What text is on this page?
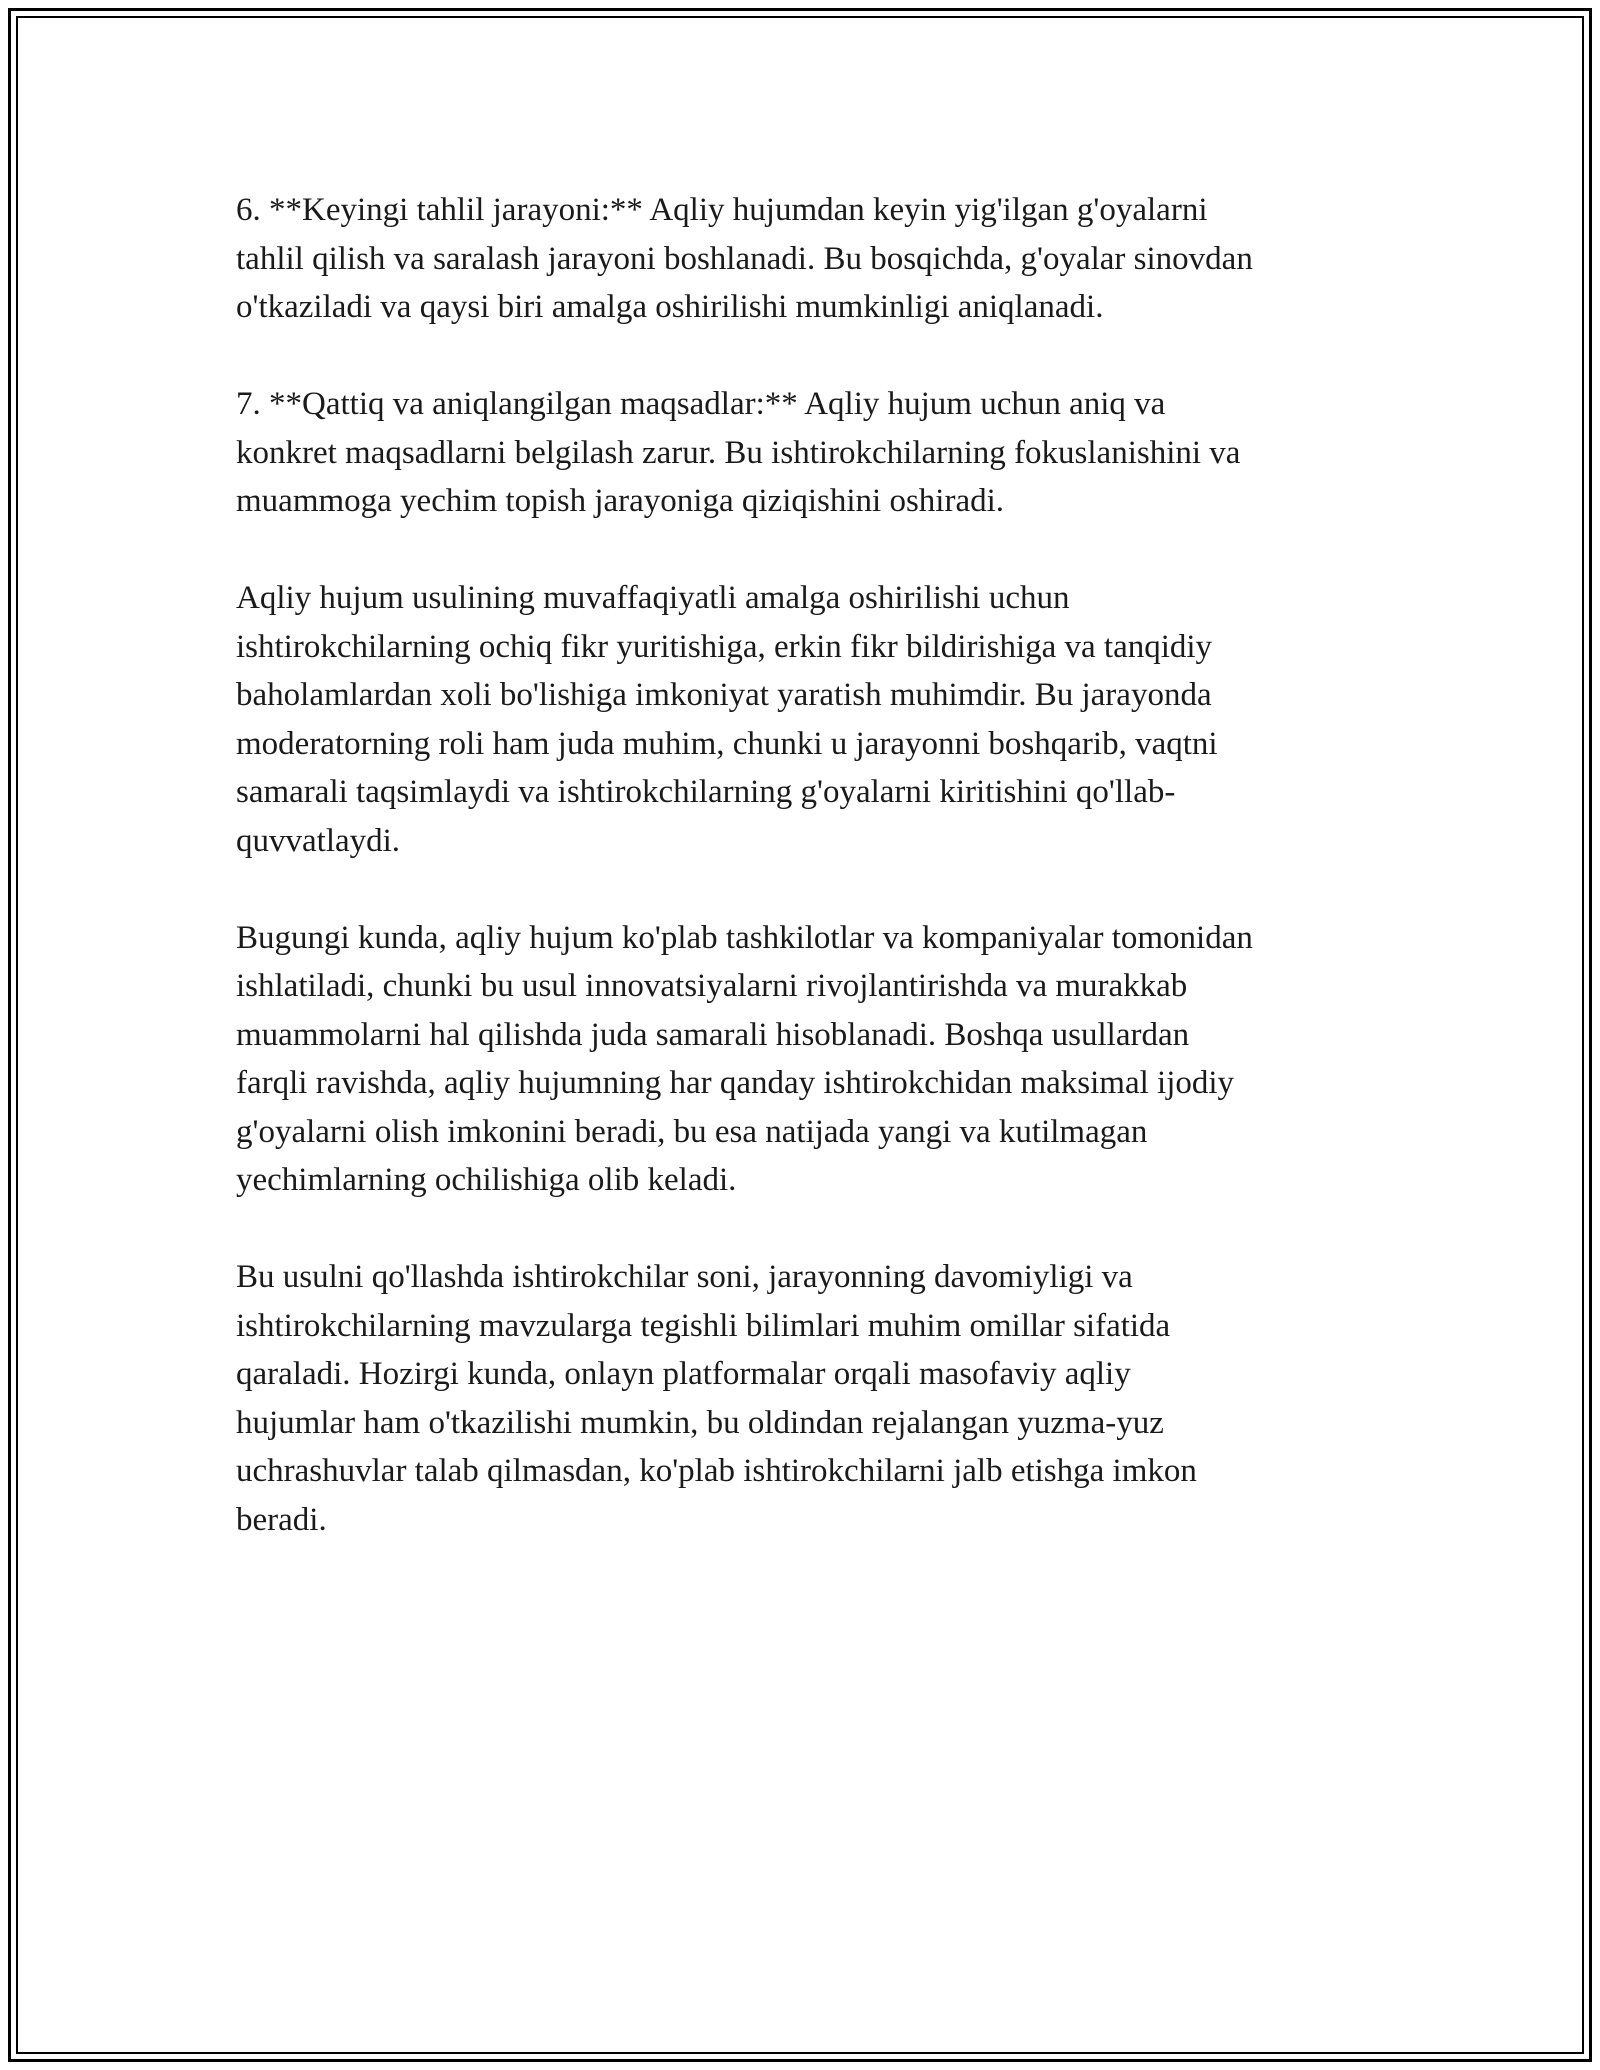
6. **Keyingi tahlil jarayoni:** Aqliy hujumdan keyin yig'ilgan g'oyalarni
tahlil qilish va saralash jarayoni boshlanadi. Bu bosqichda, g'oyalar sinovdan
o'tkaziladi va qaysi biri amalga oshirilishi mumkinligi aniqlanadi.

7. **Qattiq va aniqlangilgan maqsadlar:** Aqliy hujum uchun aniq va
konkret maqsadlarni belgilash zarur. Bu ishtirokchilarning fokuslanishini va
muammoga yechim topish jarayoniga qiziqishini oshiradi.

Aqliy hujum usulining muvaffaqiyatli amalga oshirilishi uchun
ishtirokchilarning ochiq fikr yuritishiga, erkin fikr bildirishiga va tanqidiy
baholamlardan xoli bo'lishiga imkoniyat yaratish muhimdir. Bu jarayonda
moderatorning roli ham juda muhim, chunki u jarayonni boshqarib, vaqtni
samarali taqsimlaydi va ishtirokchilarning g'oyalarni kiritishini qo'llab-
quvvatlaydi.

Bugungi kunda, aqliy hujum ko'plab tashkilotlar va kompaniyalar tomonidan
ishlatiladi, chunki bu usul innovatsiyalarni rivojlantirishda va murakkab
muammolarni hal qilishda juda samarali hisoblanadi. Boshqa usullardan
farqli ravishda, aqliy hujumning har qanday ishtirokchidan maksimal ijodiy
g'oyalarni olish imkonini beradi, bu esa natijada yangi va kutilmagan
yechimlarning ochilishiga olib keladi.

Bu usulni qo'llashda ishtirokchilar soni, jarayonning davomiyligi va
ishtirokchilarning mavzularga tegishli bilimlari muhim omillar sifatida
qaraladi. Hozirgi kunda, onlayn platformalar orqali masofaviy aqliy
hujumlar ham o'tkazilishi mumkin, bu oldindan rejalangan yuzma-yuz
uchrashuvlar talab qilmasdan, ko'plab ishtirokchilarni jalb etishga imkon
beradi.
